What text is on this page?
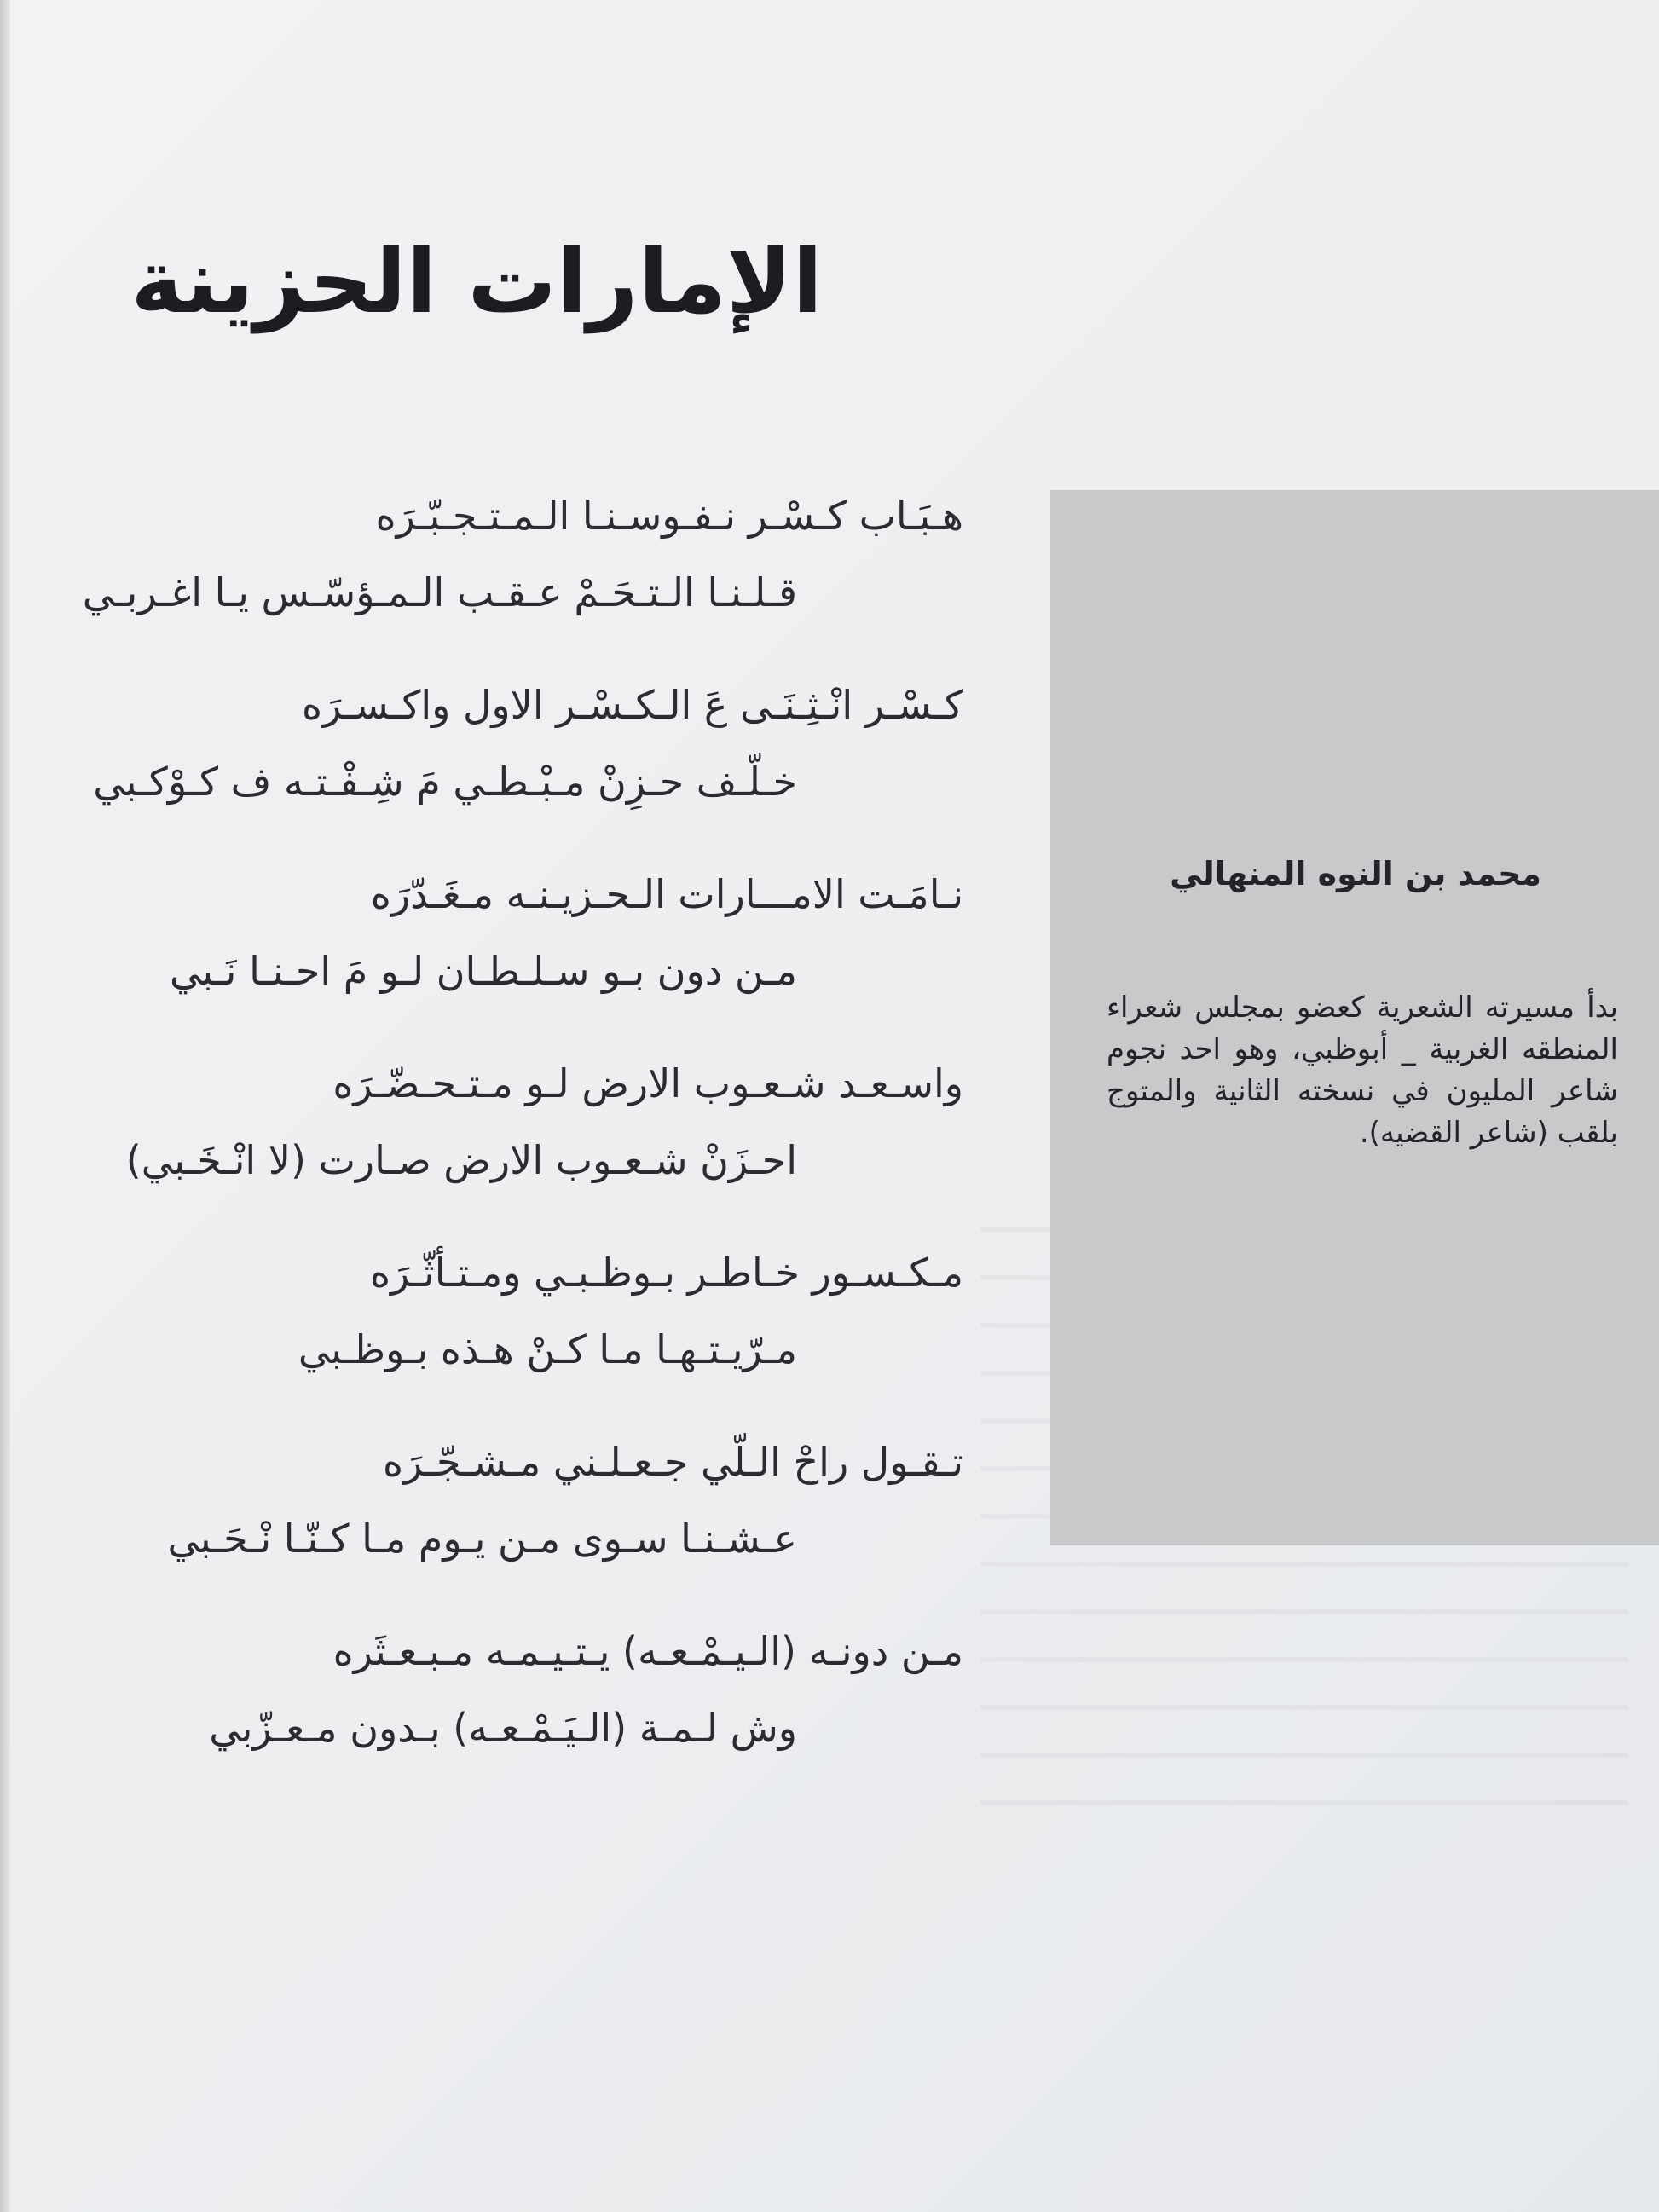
الإمارات الحزينة
هـبَـاب كـسْـر نـفـوسـنـا الـمـتـجـبّـرَه
قـلـنـا الـتـحَـمْ عـقـب الـمـؤسّـس يـا اغـربـي
كـسْـر انْـثِـنَـى عَ الـكـسْـر الاول واكـسـرَه
خـلّـف حـزِنْ مـبْـطـي مَ شِـفْـتـه ف كـوْكـبي
نـامَـت الامـــارات الـحـزيـنـه مـغَـدّرَه
مـن دون بـو سـلـطـان لـو مَ احـنـا نَـبي
واسـعـد شـعـوب الارض لـو مـتـحـضّـرَه
احـزَنْ شـعـوب الارض صـارت (لا انْـخَـبي)
مـكـسـور خـاطـر بـوظـبـي ومـتـأثّـرَه
مـرّيـتـهـا مـا كـنْ هـذه بـوظـبي
تـقـول راحْ الـلّي جـعـلـني مـشـجّـرَه
عـشـنـا سـوى مـن يـوم مـا كـنّـا نْـحَـبي
مـن دونـه (الـيـمْـعـه) يـتـيـمـه مـبـعـثَره
وش لـمـة (الـيَـمْـعـه) بـدون مـعـزّبي
محمد بن النوه المنهالي
بدأ مسيرته الشعرية كعضو بمجلس شعراء المنطقه الغربية _ أبوظبي، وهو احد نجوم شاعر المليون في نسخته الثانية والمتوج بلقب (شاعر القضيه).
